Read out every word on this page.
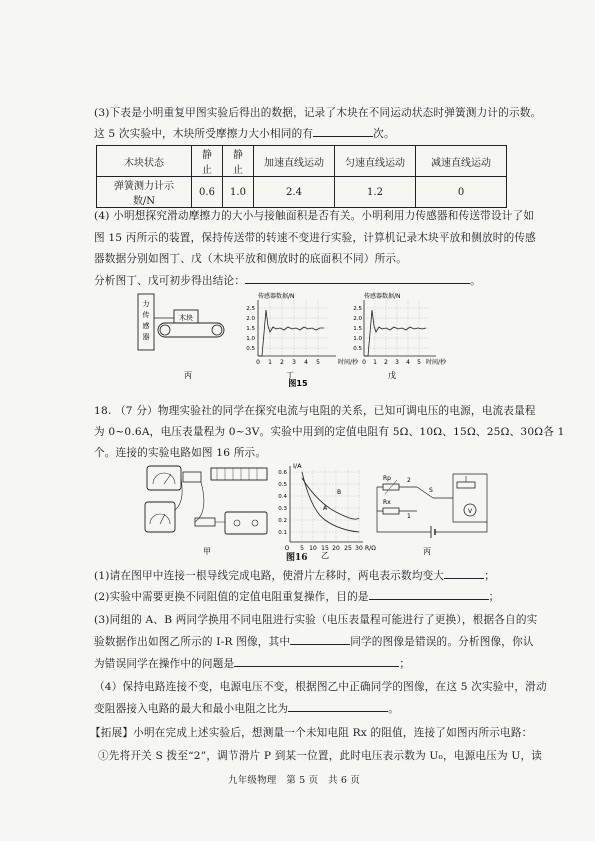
(3)下表是小明重复甲图实验后得出的数据，记录了木块在不同运动状态时弹簧测力计的示数。
这 5 次实验中，木块所受摩擦力大小相同的有	次。
木块状态	静止	静止	加速直线运动	匀速直线运动	减速直线运动
弹簧测力计示数/N	0.6	1.0	2.4	1.2	0
(4) 小明想探究滑动摩擦力的大小与接触面积是否有关。小明利用力传感器和传送带设计了如
图 15 丙所示的装置，保持传送带的转速不变进行实验，计算机记录木块平放和侧放时的传感
器数据分别如图丁、戊（木块平放和侧放时的底面积不同）所示。
分析图丁、戊可初步得出结论：	。
力
传
感
器
木块
丙
传感器数据/N
2.5
2.0
1.5
1.0
0.5
0 1 2 3 4 5	时间/秒
丁
传感器数据/N
2.5
2.0
1.5
1.0
0.5
0 1 2 3 4 5 时间/秒
戊
图15
18. （7 分）物理实验社的同学在探究电流与电阻的关系，已知可调电压的电源，电流表量程
为 0~0.6A，电压表量程为 0~3V。实验中用到的定值电阻有 5Ω、10Ω、15Ω、25Ω、30Ω各 1
个。连接的实验电路如图 16 所示。
甲
I/A
0.6
0.5
0.4
0.3
0.2
0.1
O 5 10 15 20 25 30 R/Ω
A
B
乙
Rp
Rx
2
1
S
V
丙
图16
(1)请在图甲中连接一根导线完成电路，使滑片左移时，两电表示数均变大	；
(2)实验中需要更换不同阻值的定值电阻重复操作，目的是	；
(3)同组的 A、B 两同学换用不同电阻进行实验（电压表量程可能进行了更换），根据各自的实
验数据作出如图乙所示的 I-R 图像，其中	同学的图像是错误的。分析图像，你认
为错误同学在操作中的问题是	；
（4）保持电路连接不变，电源电压不变，根据图乙中正确同学的图像，在这 5 次实验中，滑动
变阻器接入电路的最大和最小电阻之比为	。
【拓展】小明在完成上述实验后，想测量一个未知电阻 Rx 的阻值，连接了如图丙所示电路：
①先将开关 S 拨至“2”，调节滑片 P 到某一位置，此时电压表示数为 U₀，电源电压为 U，读
九年级物理　第 5 页　共 6 页
